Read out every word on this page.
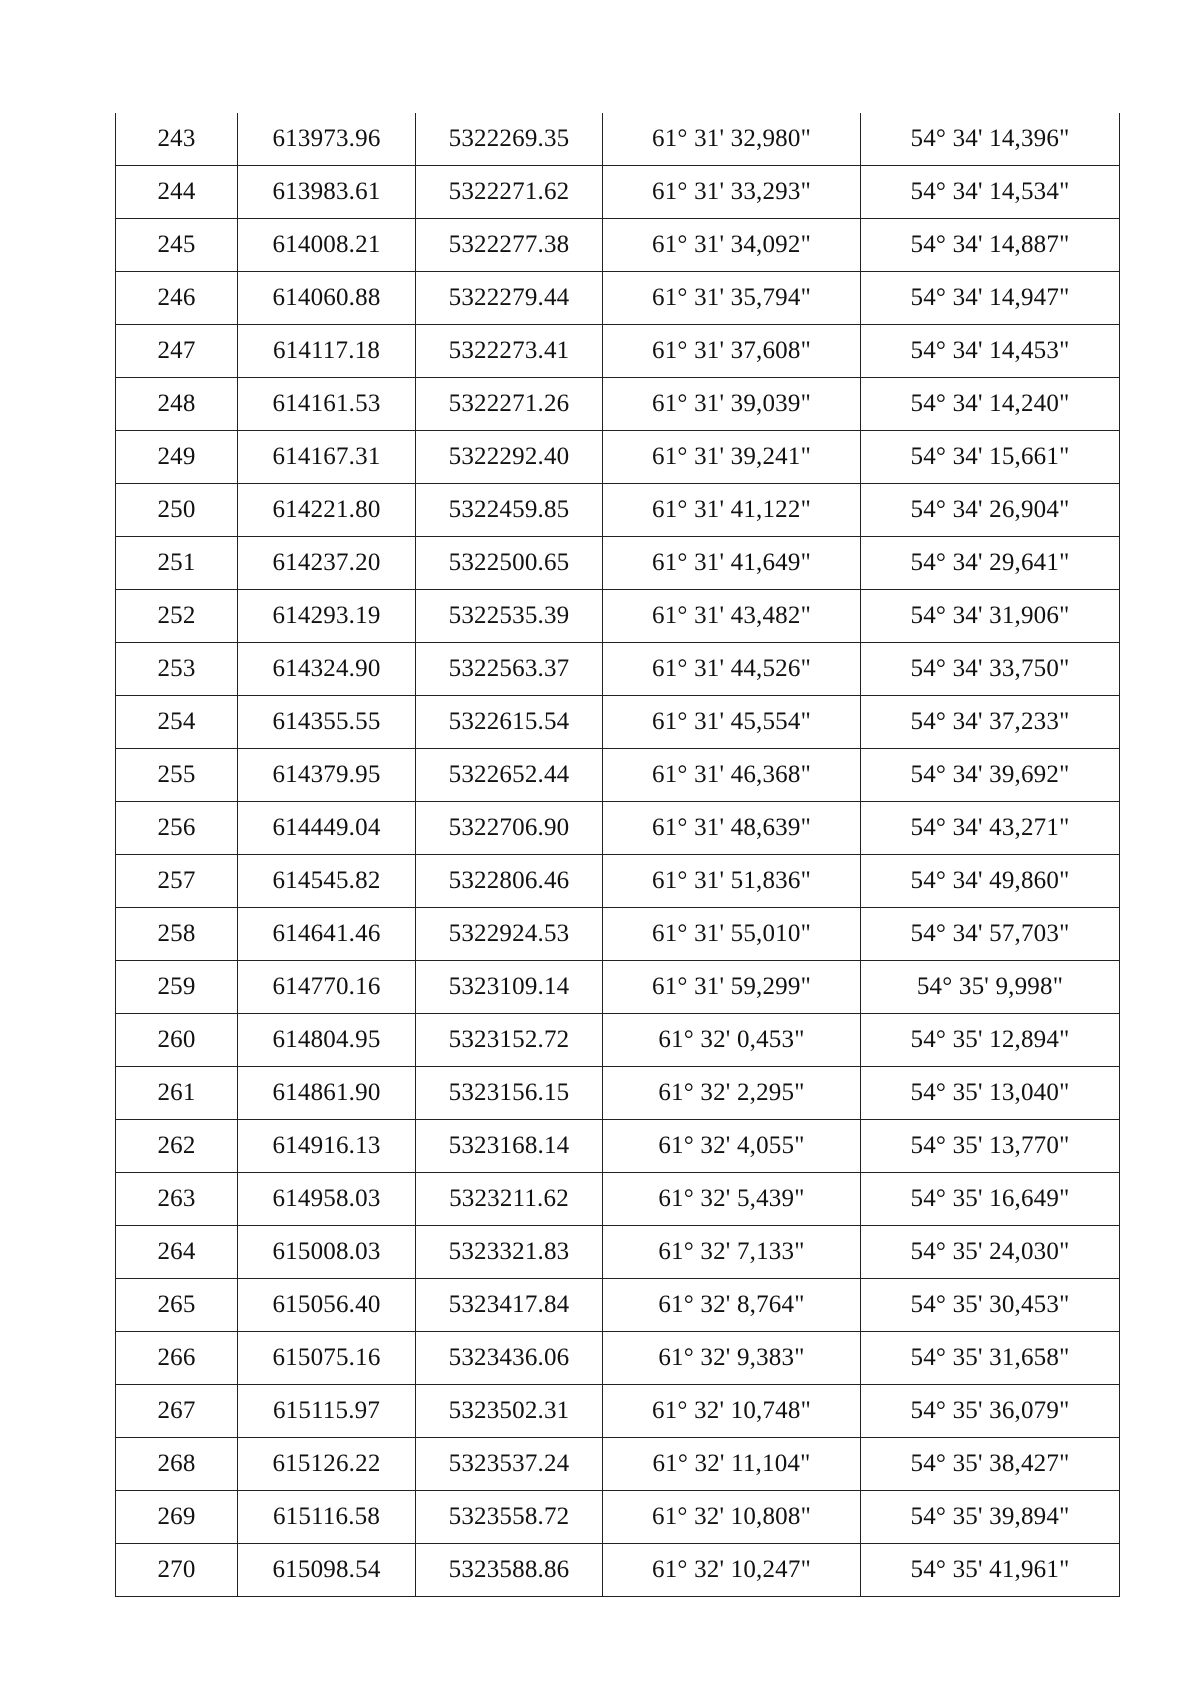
243	613973.96	5322269.35	61° 31' 32,980"	54° 34' 14,396"
244	613983.61	5322271.62	61° 31' 33,293"	54° 34' 14,534"
245	614008.21	5322277.38	61° 31' 34,092"	54° 34' 14,887"
246	614060.88	5322279.44	61° 31' 35,794"	54° 34' 14,947"
247	614117.18	5322273.41	61° 31' 37,608"	54° 34' 14,453"
248	614161.53	5322271.26	61° 31' 39,039"	54° 34' 14,240"
249	614167.31	5322292.40	61° 31' 39,241"	54° 34' 15,661"
250	614221.80	5322459.85	61° 31' 41,122"	54° 34' 26,904"
251	614237.20	5322500.65	61° 31' 41,649"	54° 34' 29,641"
252	614293.19	5322535.39	61° 31' 43,482"	54° 34' 31,906"
253	614324.90	5322563.37	61° 31' 44,526"	54° 34' 33,750"
254	614355.55	5322615.54	61° 31' 45,554"	54° 34' 37,233"
255	614379.95	5322652.44	61° 31' 46,368"	54° 34' 39,692"
256	614449.04	5322706.90	61° 31' 48,639"	54° 34' 43,271"
257	614545.82	5322806.46	61° 31' 51,836"	54° 34' 49,860"
258	614641.46	5322924.53	61° 31' 55,010"	54° 34' 57,703"
259	614770.16	5323109.14	61° 31' 59,299"	54° 35' 9,998"
260	614804.95	5323152.72	61° 32' 0,453"	54° 35' 12,894"
261	614861.90	5323156.15	61° 32' 2,295"	54° 35' 13,040"
262	614916.13	5323168.14	61° 32' 4,055"	54° 35' 13,770"
263	614958.03	5323211.62	61° 32' 5,439"	54° 35' 16,649"
264	615008.03	5323321.83	61° 32' 7,133"	54° 35' 24,030"
265	615056.40	5323417.84	61° 32' 8,764"	54° 35' 30,453"
266	615075.16	5323436.06	61° 32' 9,383"	54° 35' 31,658"
267	615115.97	5323502.31	61° 32' 10,748"	54° 35' 36,079"
268	615126.22	5323537.24	61° 32' 11,104"	54° 35' 38,427"
269	615116.58	5323558.72	61° 32' 10,808"	54° 35' 39,894"
270	615098.54	5323588.86	61° 32' 10,247"	54° 35' 41,961"
